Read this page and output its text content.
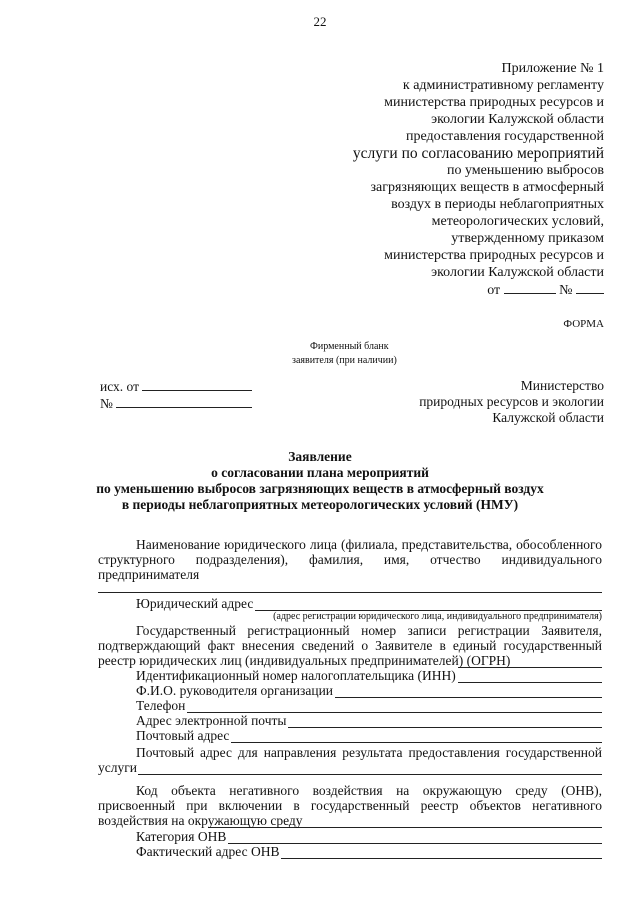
22
Приложение № 1
к административному регламенту
министерства природных ресурсов и
экологии Калужской области
предоставления государственной
услуги по согласованию мероприятий
по уменьшению выбросов
загрязняющих веществ в атмосферный
воздух в периоды неблагоприятных
метеорологических условий,
утвержденному приказом
министерства природных ресурсов и
экологии Калужской области
от	№
ФОРМА
Фирменный бланк
заявителя (при наличии)
исх. от
№
Министерство
природных ресурсов и экологии
Калужской области
Заявление
о согласовании плана мероприятий
по уменьшению выбросов загрязняющих веществ в атмосферный воздух
в периоды неблагоприятных метеорологических условий (НМУ)
Наименование юридического лица (филиала, представительства, обособленного структурного подразделения), фамилия, имя, отчество индивидуального предпринимателя
Юридический адрес
(адрес регистрации юридического лица, индивидуального предпринимателя)
Государственный регистрационный номер записи регистрации Заявителя, подтверждающий факт внесения сведений о Заявителе в единый государственный реестр юридических лиц (индивидуальных предпринимателей) (ОГРН)
Идентификационный номер налогоплательщика (ИНН)
Ф.И.О. руководителя организации
Телефон
Адрес электронной почты
Почтовый адрес
Почтовый адрес для направления результата предоставления государственной услуги
Код объекта негативного воздействия на окружающую среду (ОНВ), присвоенный при включении в государственный реестр объектов негативного воздействия на окружающую среду
Категория ОНВ
Фактический адрес ОНВ
